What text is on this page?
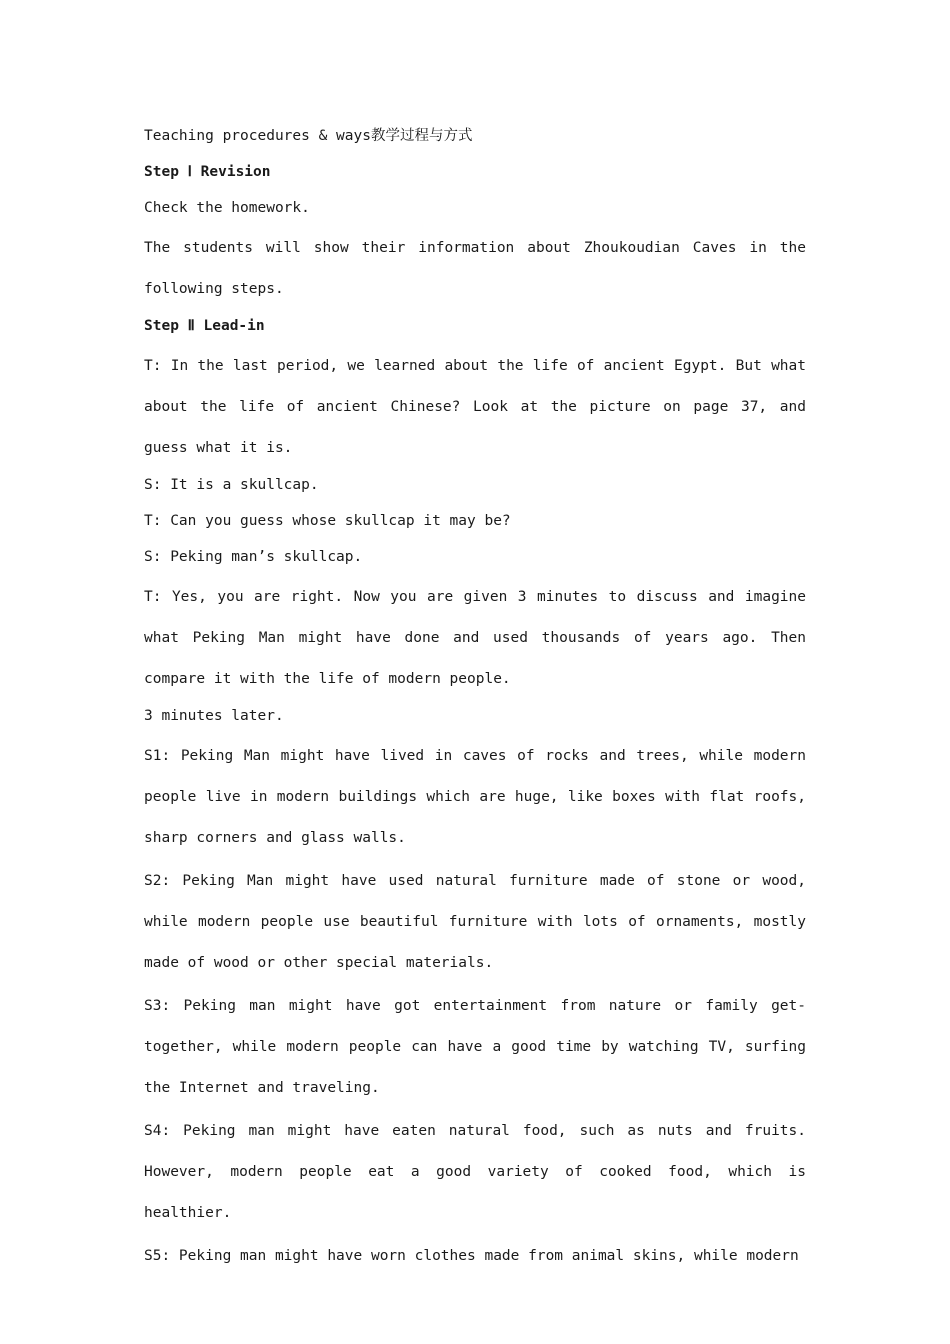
Teaching procedures & ways教学过程与方式

Step Ⅰ Revision

Check the homework.

The students will show their information about Zhoukoudian Caves in the following steps.

Step Ⅱ Lead-in

T: In the last period, we learned about the life of ancient Egypt. But what about the life of ancient Chinese? Look at the picture on page 37, and guess what it is.

S: It is a skullcap.

T: Can you guess whose skullcap it may be?

S: Peking man’s skullcap.

T: Yes, you are right. Now you are given 3 minutes to discuss and imagine what Peking Man might have done and used thousands of years ago. Then compare it with the life of modern people.

3 minutes later.

S1: Peking Man might have lived in caves of rocks and trees, while modern people live in modern buildings which are huge, like boxes with flat roofs, sharp corners and glass walls.

S2: Peking Man might have used natural furniture made of stone or wood, while modern people use beautiful furniture with lots of ornaments, mostly made of wood or other special materials.

S3: Peking man might have got entertainment from nature or family get-together, while modern people can have a good time by watching TV, surfing the Internet and traveling.

S4: Peking man might have eaten natural food, such as nuts and fruits. However, modern people eat a good variety of cooked food, which is healthier.

S5: Peking man might have worn clothes made from animal skins, while modern
